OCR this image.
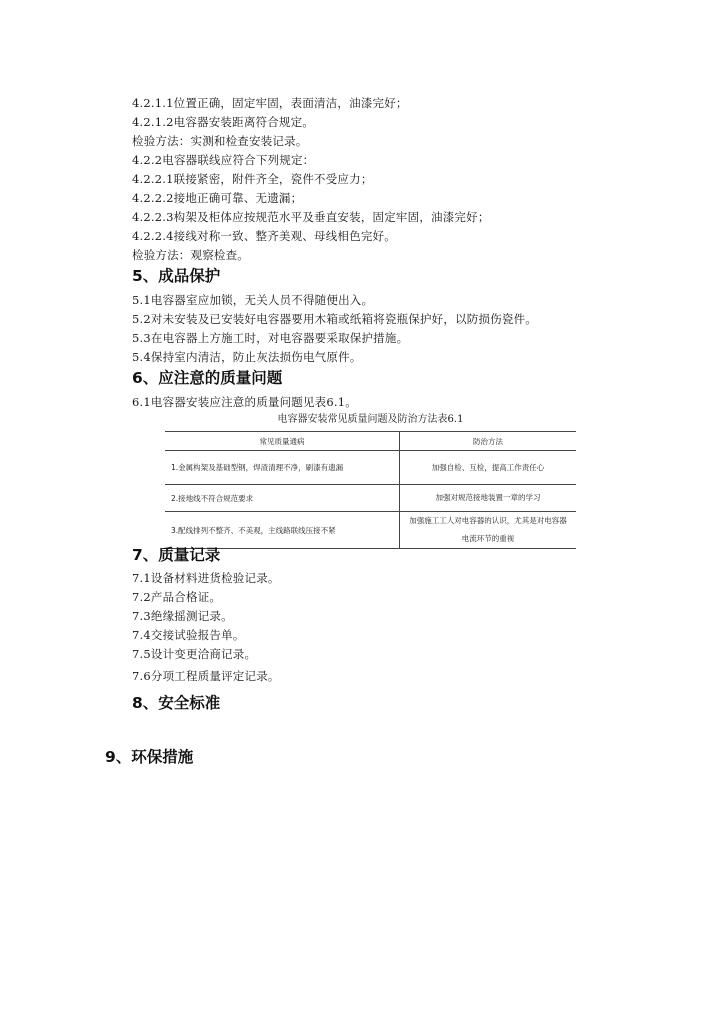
4.2.1.1位置正确，固定牢固，表面清洁，油漆完好；
4.2.1.2电容器安装距离符合规定。
检验方法：实测和检查安装记录。
4.2.2电容器联线应符合下列规定：
4.2.2.1联接紧密，附件齐全，瓷件不受应力；
4.2.2.2接地正确可靠、无遗漏；
4.2.2.3构架及柜体应按规范水平及垂直安装，固定牢固，油漆完好；
4.2.2.4接线对称一致、整齐美观、母线相色完好。
检验方法：观察检查。
5、成品保护
5.1电容器室应加锁，无关人员不得随便出入。
5.2对未安装及已安装好电容器要用木箱或纸箱将瓷瓶保护好，以防损伤瓷件。
5.3在电容器上方施工时，对电容器要采取保护措施。
5.4保持室内清洁，防止灰法损伤电气原件。
6、应注意的质量问题
6.1电容器安装应注意的质量问题见表6.1。
电容器安装常见质量问题及防治方法表6.1
常见质量通病	防治方法
1.金属构架及基础型钢，焊渣清理不净，刷漆有遗漏	加强自检、互检，提高工作责任心
2.接地线不符合规范要求	加强对规范接地装置一章的学习
3.配线排列不整齐、不美观，主线路联线压接不紧	加强施工工人对电容器的认识，尤其是对电容器电流环节的重视
7、质量记录
7.1设备材料进货检验记录。
7.2产品合格证。
7.3绝缘摇测记录。
7.4交接试验报告单。
7.5设计变更洽商记录。
7.6分项工程质量评定记录。
8、安全标准
9、环保措施
